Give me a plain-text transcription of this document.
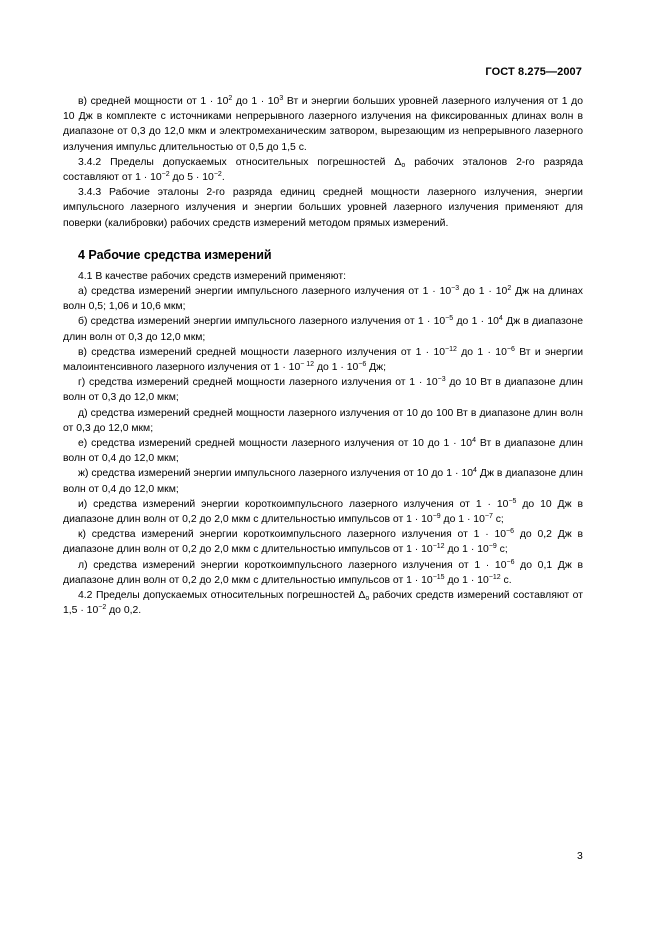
ГОСТ 8.275—2007

в) средней мощности от $1 \cdot 10^2$ до $1 \cdot 10^3$ Вт и энергии больших уровней лазерного излучения от 1 до 10 Дж в комплекте с источниками непрерывного лазерного излучения на фиксированных длинах волн в диапазоне от 0,3 до 12,0 мкм и электромеханическим затвором, вырезающим из непрерывного лазерного излучения импульс длительностью от 0,5 до 1,5 с.

3.4.2 Пределы допускаемых относительных погрешностей $\Delta_о$ рабочих эталонов 2-го разряда составляют от $1 \cdot 10^{-2}$ до $5 \cdot 10^{-2}$.

3.4.3 Рабочие эталоны 2-го разряда единиц средней мощности лазерного излучения, энергии импульсного лазерного излучения и энергии больших уровней лазерного излучения применяют для поверки (калибровки) рабочих средств измерений методом прямых измерений.

4 Рабочие средства измерений

4.1 В качестве рабочих средств измерений применяют:

а) средства измерений энергии импульсного лазерного излучения от $1 \cdot 10^{-3}$ до $1 \cdot 10^2$ Дж на длинах волн 0,5; 1,06 и 10,6 мкм;

б) средства измерений энергии импульсного лазерного излучения от $1 \cdot 10^{-5}$ до $1 \cdot 10^4$ Дж в диапазоне длин волн от 0,3 до 12,0 мкм;

в) средства измерений средней мощности лазерного излучения от $1 \cdot 10^{-12}$ до $1 \cdot 10^{-6}$ Вт и энергии малоинтенсивного лазерного излучения от $1 \cdot 10^{- 12}$ до $1 \cdot 10^{-6}$ Дж;

г) средства измерений средней мощности лазерного излучения от $1 \cdot 10^{-3}$ до 10 Вт в диапазоне длин волн от 0,3 до 12,0 мкм;

д) средства измерений средней мощности лазерного излучения от 10 до 100 Вт в диапазоне длин волн от 0,3 до 12,0 мкм;

е) средства измерений средней мощности лазерного излучения от 10 до $1 \cdot 10^4$ Вт в диапазоне длин волн от 0,4 до 12,0 мкм;

ж) средства измерений энергии импульсного лазерного излучения от 10 до $1 \cdot 10^4$ Дж в диапазоне длин волн от 0,4 до 12,0 мкм;

и) средства измерений энергии короткоимпульсного лазерного излучения от $1 \cdot 10^{-5}$ до 10 Дж в диапазоне длин волн от 0,2 до 2,0 мкм с длительностью импульсов от $1 \cdot 10^{-9}$ до $1 \cdot 10^{-7}$ с;

к) средства измерений энергии короткоимпульсного лазерного излучения от $1 \cdot 10^{-6}$ до 0,2 Дж в диапазоне длин волн от 0,2 до 2,0 мкм с длительностью импульсов от $1 \cdot 10^{-12}$ до $1 \cdot 10^{-9}$ с;

л) средства измерений энергии короткоимпульсного лазерного излучения от $1 \cdot 10^{-6}$ до 0,1 Дж в диапазоне длин волн от 0,2 до 2,0 мкм с длительностью импульсов от $1 \cdot 10^{-15}$ до $1 \cdot 10^{-12}$ с.

4.2 Пределы допускаемых относительных погрешностей $\Delta_о$ рабочих средств измерений составляют от $1,5 \cdot 10^{-2}$ до 0,2.

3
